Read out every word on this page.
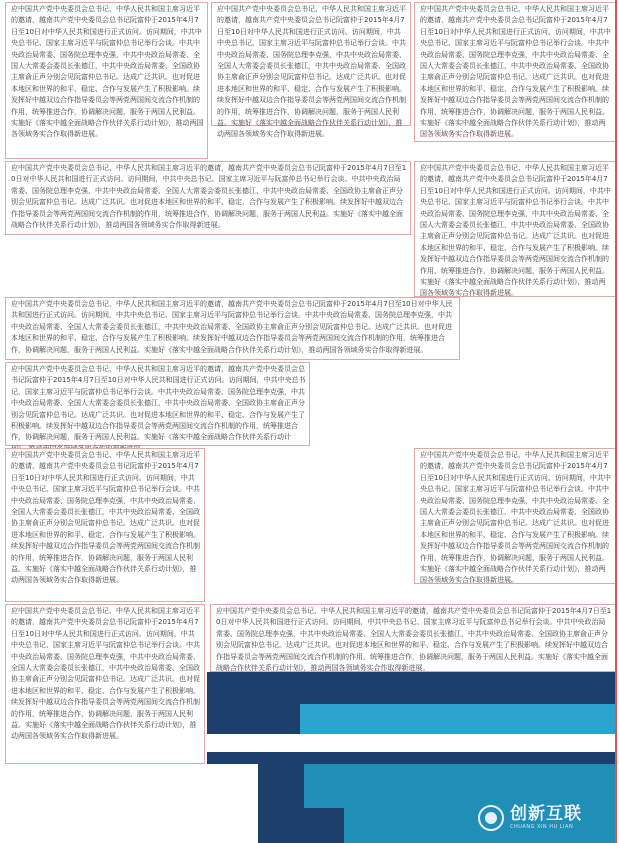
应中国共产党中央委员会总书记、中华人民共和国主席习近平的邀请，越南共产党中央委员会总书记阮富仲于2015年4月7日至10日对中华人民共和国进行正式访问。访问期间，中共中央总书记、国家主席习近平与阮富仲总书记举行会谈。中共中央政治局常委、国务院总理李克强，中共中央政治局常委、全国人大常委会委员长张德江，中共中央政治局常委、全国政协主席俞正声分别会见阮富仲总书记。达成广泛共识。也对促进本地区和世界的和平、稳定、合作与发展产生了积极影响。续发挥好中越双边合作指导委员会等两党两国间交流合作机制的作用，统筹推进合作，协调解决问题，服务于两国人民利益。实施好《落实中越全面战略合作伙伴关系行动计划》，推动两国各领域务实合作取得新进展。
应中国共产党中央委员会总书记、中华人民共和国主席习近平的邀请，越南共产党中央委员会总书记阮富仲于2015年4月7日至10日对中华人民共和国进行正式访问。访问期间，中共中央总书记、国家主席习近平与阮富仲总书记举行会谈。中共中央政治局常委、国务院总理李克强，中共中央政治局常委、全国人大常委会委员长张德江，中共中央政治局常委、全国政协主席俞正声分别会见阮富仲总书记。达成广泛共识。也对促进本地区和世界的和平、稳定、合作与发展产生了积极影响。续发挥好中越双边合作指导委员会等两党两国间交流合作机制的作用，统筹推进合作，协调解决问题，服务于两国人民利益。实施好《落实中越全面战略合作伙伴关系行动计划》，推动两国各领域务实合作取得新进展。
应中国共产党中央委员会总书记、中华人民共和国主席习近平的邀请，越南共产党中央委员会总书记阮富仲于2015年4月7日至10日对中华人民共和国进行正式访问。访问期间，中共中央总书记、国家主席习近平与阮富仲总书记举行会谈。中共中央政治局常委、国务院总理李克强，中共中央政治局常委、全国人大常委会委员长张德江，中共中央政治局常委、全国政协主席俞正声分别会见阮富仲总书记。达成广泛共识。也对促进本地区和世界的和平、稳定、合作与发展产生了积极影响。续发挥好中越双边合作指导委员会等两党两国间交流合作机制的作用，统筹推进合作，协调解决问题，服务于两国人民利益。实施好《落实中越全面战略合作伙伴关系行动计划》，推动两国各领域务实合作取得新进展。
应中国共产党中央委员会总书记、中华人民共和国主席习近平的邀请，越南共产党中央委员会总书记阮富仲于2015年4月7日至10日对中华人民共和国进行正式访问。访问期间，中共中央总书记、国家主席习近平与阮富仲总书记举行会谈。中共中央政治局常委、国务院总理李克强，中共中央政治局常委、全国人大常委会委员长张德江，中共中央政治局常委、全国政协主席俞正声分别会见阮富仲总书记。达成广泛共识。也对促进本地区和世界的和平、稳定、合作与发展产生了积极影响。续发挥好中越双边合作指导委员会等两党两国间交流合作机制的作用，统筹推进合作，协调解决问题，服务于两国人民利益。实施好《落实中越全面战略合作伙伴关系行动计划》，推动两国各领域务实合作取得新进展。
应中国共产党中央委员会总书记、中华人民共和国主席习近平的邀请，越南共产党中央委员会总书记阮富仲于2015年4月7日至10日对中华人民共和国进行正式访问。访问期间，中共中央总书记、国家主席习近平与阮富仲总书记举行会谈。中共中央政治局常委、国务院总理李克强，中共中央政治局常委、全国人大常委会委员长张德江，中共中央政治局常委、全国政协主席俞正声分别会见阮富仲总书记。达成广泛共识。也对促进本地区和世界的和平、稳定、合作与发展产生了积极影响。续发挥好中越双边合作指导委员会等两党两国间交流合作机制的作用，统筹推进合作，协调解决问题，服务于两国人民利益。实施好《落实中越全面战略合作伙伴关系行动计划》，推动两国各领域务实合作取得新进展。
应中国共产党中央委员会总书记、中华人民共和国主席习近平的邀请，越南共产党中央委员会总书记阮富仲于2015年4月7日至10日对中华人民共和国进行正式访问。访问期间，中共中央总书记、国家主席习近平与阮富仲总书记举行会谈。中共中央政治局常委、国务院总理李克强，中共中央政治局常委、全国人大常委会委员长张德江，中共中央政治局常委、全国政协主席俞正声分别会见阮富仲总书记。达成广泛共识。也对促进本地区和世界的和平、稳定、合作与发展产生了积极影响。续发挥好中越双边合作指导委员会等两党两国间交流合作机制的作用，统筹推进合作，协调解决问题，服务于两国人民利益。实施好《落实中越全面战略合作伙伴关系行动计划》，推动两国各领域务实合作取得新进展。
应中国共产党中央委员会总书记、中华人民共和国主席习近平的邀请，越南共产党中央委员会总书记阮富仲于2015年4月7日至10日对中华人民共和国进行正式访问。访问期间，中共中央总书记、国家主席习近平与阮富仲总书记举行会谈。中共中央政治局常委、国务院总理李克强，中共中央政治局常委、全国人大常委会委员长张德江，中共中央政治局常委、全国政协主席俞正声分别会见阮富仲总书记。达成广泛共识。也对促进本地区和世界的和平、稳定、合作与发展产生了积极影响。续发挥好中越双边合作指导委员会等两党两国间交流合作机制的作用，统筹推进合作，协调解决问题，服务于两国人民利益。实施好《落实中越全面战略合作伙伴关系行动计
应中国共产党中央委员会总书记、中华人民共和国主席习近平的邀请，越南共产党中央委员会总书记阮富仲于2015年4月7日至10日对中华人民共和国进行正式访问。访问期间，中共中央总书记、国家主席习近平与阮富仲总书记举行会谈。中共中央政治局常委、国务院总理李克强，中共中央政治局常委、全国人大常委会委员长张德江，中共中央政治局常委、全国政协主席俞正声分别会见阮富仲总书记。达成广泛共识。也对促进本地区和世界的和平、稳定、合作与发展产生了积极影响。续发挥好中越双边合作指导委员会等两党两国间交流合作机制的作用，统筹推进合作，协调解决问题，服务于两国人民利益。实施好《落实中越全面战略合作伙伴关系行动计划》，推动两国各领域务实合作取得新进展。
应中国共产党中央委员会总书记、中华人民共和国主席习近平的邀请，越南共产党中央委员会总书记阮富仲于2015年4月7日至10日对中华人民共和国进行正式访问。访问期间，中共中央总书记、国家主席习近平与阮富仲总书记举行会谈。中共中央政治局常委、国务院总理李克强，中共中央政治局常委、全国人大常委会委员长张德江，中共中央政治局常委、全国政协主席俞正声分别会见阮富仲总书记。达成广泛共识。也对促进本地区和世界的和平、稳定、合作与发展产生了积极影响。续发挥好中越双边合作指导委员会等两党两国间交流合作机制的作用，统筹推进合作，协调解决问题，服务于两国人民利益。实施好《落实中越全面战略合作伙伴关系行动计划》，推动两国各领域务实合作取得新进展。
应中国共产党中央委员会总书记、中华人民共和国主席习近平的邀请，越南共产党中央委员会总书记阮富仲于2015年4月7日至10日对中华人民共和国进行正式访问。访问期间，中共中央总书记、国家主席习近平与阮富仲总书记举行会谈。中共中央政治局常委、国务院总理李克强，中共中央政治局常委、全国人大常委会委员长张德江，中共中央政治局常委、全国政协主席俞正声分别会见阮富仲总书记。达成广泛共识。也对促进本地区和世界的和平、稳定、合作与发展产生了积极影响。续发挥好中越双边合作指导委员会等两党两国间交流合作机制的作用，统筹推进合作，协调解决问题，服务于两国人民利益。实施好《落实中越全面战略合作伙伴关系行动计划》，推动两国各领域务实合作取得新进展。
应中国共产党中央委员会总书记、中华人民共和国主席习近平的邀请，越南共产党中央委员会总书记阮富仲于2015年4月7日至10日对中华人民共和国进行正式访问。访问期间，中共中央总书记、国家主席习近平与阮富仲总书记举行会谈。中共中央政治局常委、国务院总理李克强，中共中央政治局常委、全国人大常委会委员长张德江，中共中央政治局常委、全国政协主席俞正声分别会见阮富仲总书记。达成广泛共识。也对促进本地区和世界的和平、稳定、合作与发展产生了积极影响。续发挥好中越双边合作指导委员会等两党两国间交流合作机制的作用，统筹推进合作，协调解决问题，服务于两国人民利益。实施好《落实中越全面战略合作伙伴关系行动计划》，推动两国各领域务实合作取得新进展。
创新互联
CHUANG XIN HU LIAN
